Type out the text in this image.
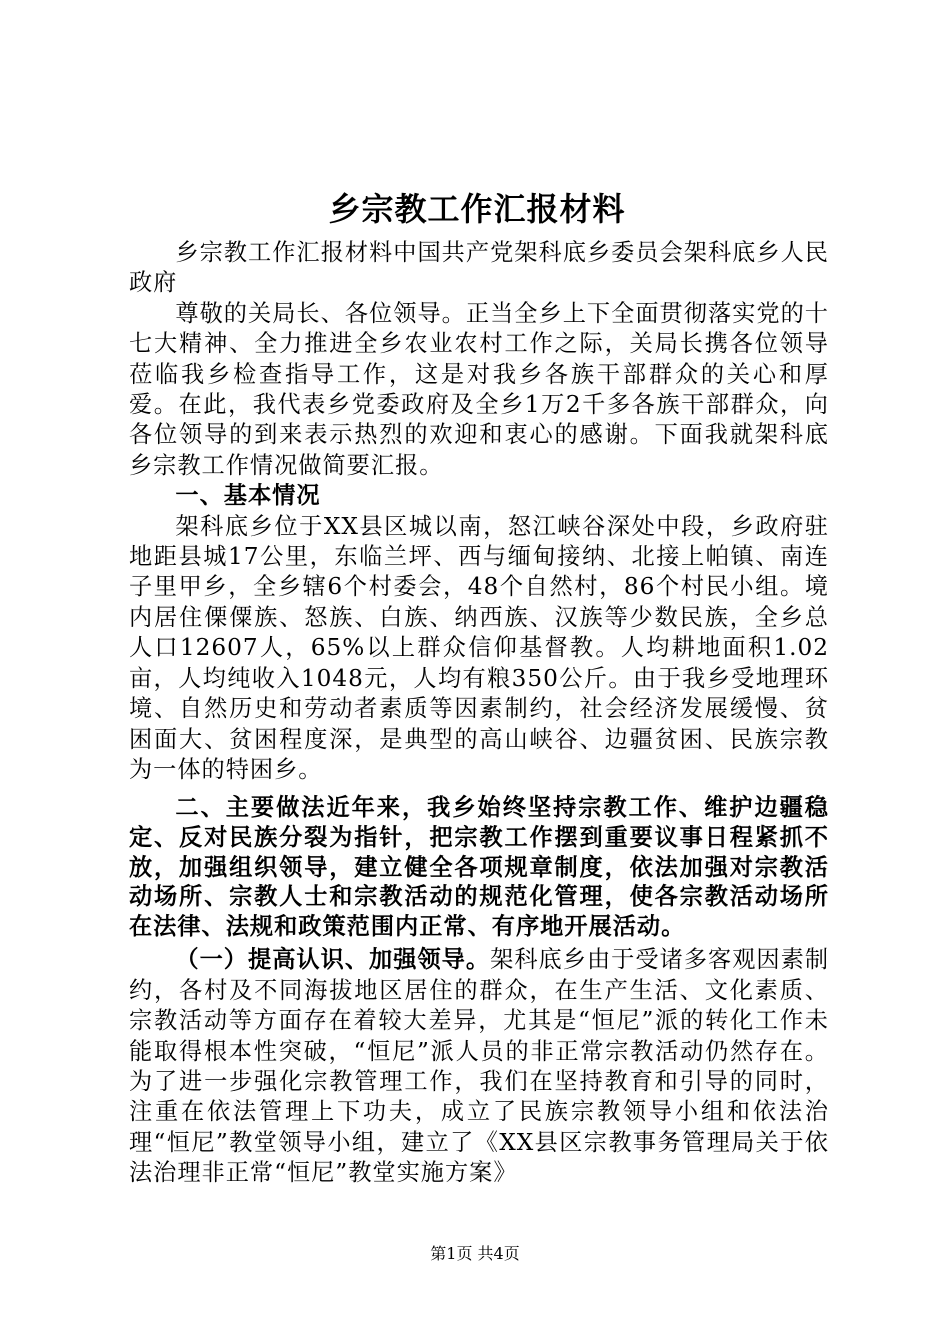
乡宗教工作汇报材料

乡宗教工作汇报材料中国共产党架科底乡委员会架科底乡人民政府

尊敬的关局长、各位领导。正当全乡上下全面贯彻落实党的十七大精神、全力推进全乡农业农村工作之际，关局长携各位领导莅临我乡检查指导工作，这是对我乡各族干部群众的关心和厚爱。在此，我代表乡党委政府及全乡1万2千多各族干部群众，向各位领导的到来表示热烈的欢迎和衷心的感谢。下面我就架科底乡宗教工作情况做简要汇报。

一、基本情况

架科底乡位于XX县区城以南，怒江峡谷深处中段，乡政府驻地距县城17公里，东临兰坪、西与缅甸接纳、北接上帕镇、南连子里甲乡，全乡辖6个村委会，48个自然村，86个村民小组。境内居住傈僳族、怒族、白族、纳西族、汉族等少数民族，全乡总人口12607人，65%以上群众信仰基督教。人均耕地面积1.02亩，人均纯收入1048元，人均有粮350公斤。由于我乡受地理环境、自然历史和劳动者素质等因素制约，社会经济发展缓慢、贫困面大、贫困程度深，是典型的高山峡谷、边疆贫困、民族宗教为一体的特困乡。

二、主要做法近年来，我乡始终坚持宗教工作、维护边疆稳定、反对民族分裂为指针，把宗教工作摆到重要议事日程紧抓不放，加强组织领导，建立健全各项规章制度，依法加强对宗教活动场所、宗教人士和宗教活动的规范化管理，使各宗教活动场所在法律、法规和政策范围内正常、有序地开展活动。

（一）提高认识、加强领导。架科底乡由于受诸多客观因素制约，各村及不同海拔地区居住的群众，在生产生活、文化素质、宗教活动等方面存在着较大差异，尤其是“恒尼”派的转化工作未能取得根本性突破，“恒尼”派人员的非正常宗教活动仍然存在。为了进一步强化宗教管理工作，我们在坚持教育和引导的同时，注重在依法管理上下功夫，成立了民族宗教领导小组和依法治理“恒尼”教堂领导小组，建立了《XX县区宗教事务管理局关于依法治理非正常“恒尼”教堂实施方案》

第1页 共4页
